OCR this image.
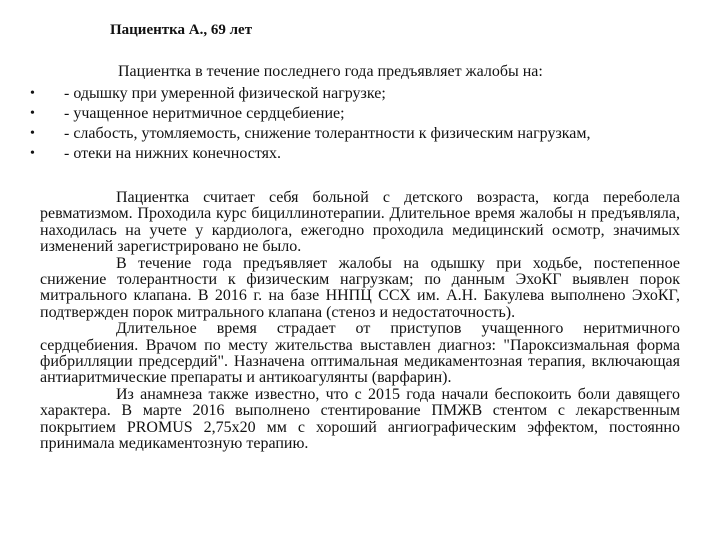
Пациентка А., 69 лет

Пациентка в течение последнего года предъявляет жалобы на:

• - одышку при умеренной физической нагрузке;
• - учащенное неритмичное сердцебиение;
• - слабость, утомляемость, снижение толерантности к физическим нагрузкам,
• - отеки на нижних конечностях.

Пациентка считает себя больной с детского возраста, когда переболела ревматизмом. Проходила курс бициллинотерапии. Длительное время жалобы н предъявляла, находилась на учете у кардиолога, ежегодно проходила медицинский осмотр, значимых изменений зарегистрировано не было.

В течение года предъявляет жалобы на одышку при ходьбе, постепенное снижение толерантности к физическим нагрузкам; по данным ЭхоКГ выявлен порок митрального клапана. В 2016 г. на базе ННПЦ ССХ им. А.Н. Бакулева выполнено ЭхоКГ, подтвержден порок митрального клапана (стеноз и недостаточность).

Длительное время страдает от приступов учащенного неритмичного сердцебиения. Врачом по месту жительства выставлен диагноз: "Пароксизмальная форма фибрилляции предсердий". Назначена оптимальная медикаментозная терапия, включающая антиаритмические препараты и антикоагулянты (варфарин).

Из анамнеза также известно, что с 2015 года начали беспокоить боли давящего характера. В марте 2016 выполнено стентирование ПМЖВ стентом с лекарственным покрытием PROMUS 2,75х20 мм с хороший ангиографическим эффектом, постоянно принимала медикаментозную терапию.
